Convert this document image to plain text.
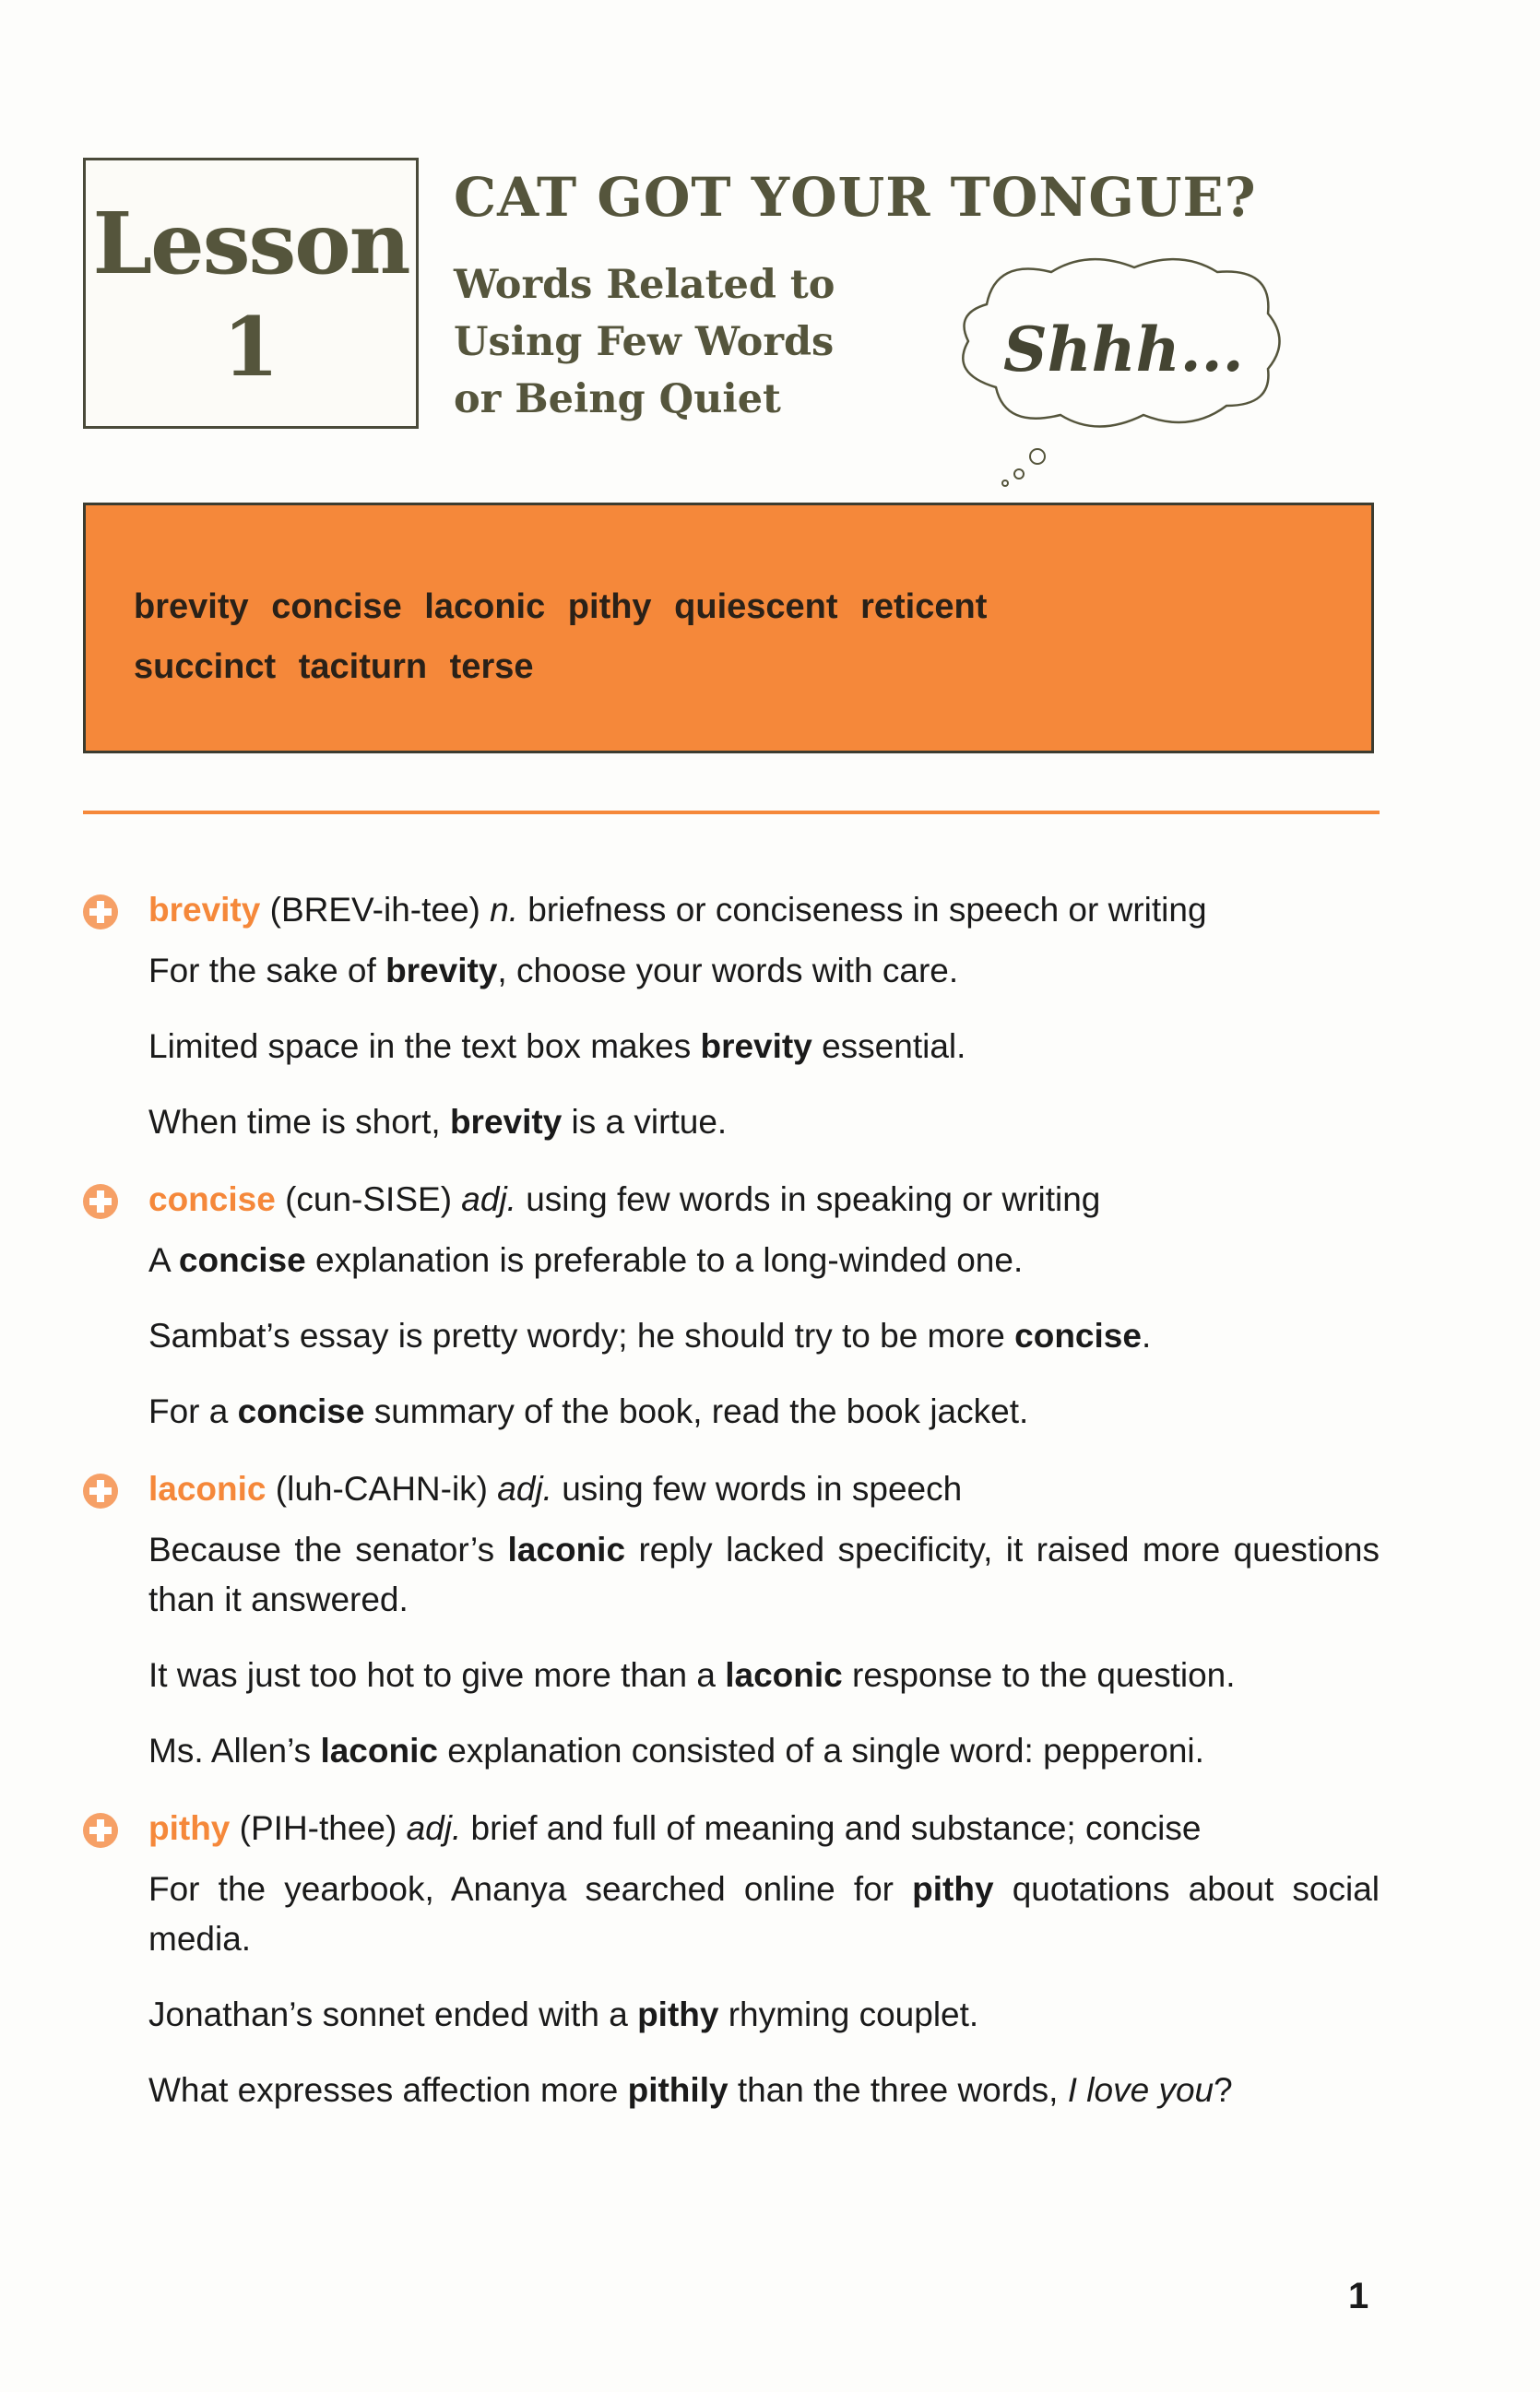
Lesson
1
CAT GOT YOUR TONGUE?
Words Related to
Using Few Words
or Being Quiet
Shhh...
brevity concise laconic pithy quiescent reticent
succinct taciturn terse
brevity (BREV-ih-tee) n. briefness or conciseness in speech or writing

For the sake of brevity, choose your words with care.

Limited space in the text box makes brevity essential.

When time is short, brevity is a virtue.

concise (cun-SISE) adj. using few words in speaking or writing

A concise explanation is preferable to a long-winded one.

Sambat’s essay is pretty wordy; he should try to be more concise.

For a concise summary of the book, read the book jacket.

laconic (luh-CAHN-ik) adj. using few words in speech

Because the senator’s laconic reply lacked specificity, it raised more questions than it answered.

It was just too hot to give more than a laconic response to the question.

Ms. Allen’s laconic explanation consisted of a single word: pepperoni.

pithy (PIH-thee) adj. brief and full of meaning and substance; concise

For the yearbook, Ananya searched online for pithy quotations about social media.

Jonathan’s sonnet ended with a pithy rhyming couplet.

What expresses affection more pithily than the three words, I love you?

1
